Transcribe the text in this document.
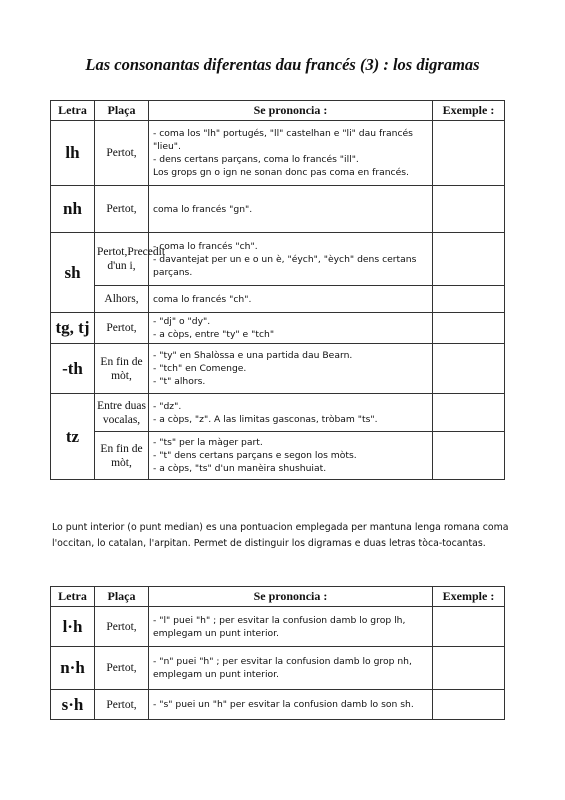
Las consonantas diferentas dau francés (3) : los digramas
Letra	Plaça	Se prononcia :	Exemple :
lh	Pertot,	- coma los "lh" portugés, "ll" castelhan e "li" dau francés
"lieu".
- dens certans parçans, coma lo francés "ill".
Los grops gn o ign ne sonan donc pas coma en francés.	

nh	Pertot,	coma lo francés "gn".	

sh	Pertot,Precedit d'un i,	- coma lo francés "ch".
- davantejat per un e o un è, "éych", "èych" dens certans
parçans.	

	Alhors,	coma lo francés "ch".	

tg, tj	Pertot,	- "dj" o "dy".
- a còps, entre "ty" e "tch"	

-th	En fin de mòt,	- "ty" en Shalòssa e una partida dau Bearn.
- "tch" en Comenge.
- "t" alhors.	

tz	Entre duas vocalas,	- "dz".
- a còps, "z". A las limitas gasconas, tròbam "ts".	

	En fin de mòt,	- "ts" per la màger part.
- "t" dens certans parçans e segon los mòts.
- a còps, "ts" d'un manèira shushuiat.	

Lo punt interior (o punt median) es una pontuacion emplegada per mantuna lenga romana coma l'occitan, lo catalan, l'arpitan. Permet de distinguir los digramas e duas letras tòca-tocantas.
Letra	Plaça	Se prononcia :	Exemple :
l·h	Pertot,	- "l" puei "h" ; per esvitar la confusion damb lo grop lh,
emplegam un punt interior.	

n·h	Pertot,	- "n" puei "h" ; per esvitar la confusion damb lo grop nh,
emplegam un punt interior.	

s·h	Pertot,	- "s" puei un "h" per esvitar la confusion damb lo son sh.	
